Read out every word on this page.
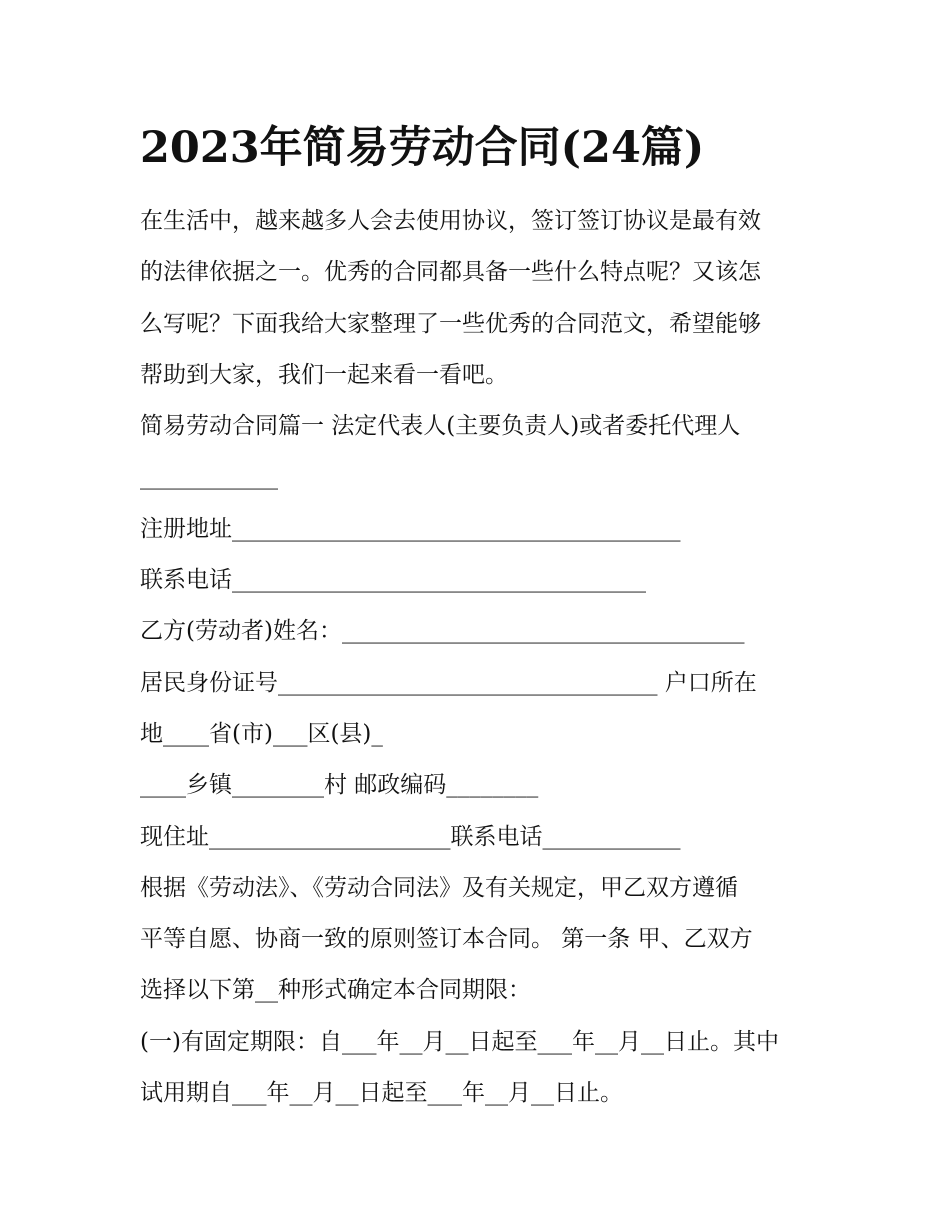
2023年简易劳动合同(24篇)
在生活中，越来越多人会去使用协议，签订签订协议是最有效
的法律依据之一。优秀的合同都具备一些什么特点呢？又该怎
么写呢？下面我给大家整理了一些优秀的合同范文，希望能够
帮助到大家，我们一起来看一看吧。
简易劳动合同篇一 法定代表人(主要负责人)或者委托代理人
____________
注册地址_______________________________________
联系电话____________________________________
乙方(劳动者)姓名：___________________________________
居民身份证号_________________________________ 户口所在
地____省(市)___区(县)_
____乡镇________村 邮政编码________
现住址_____________________联系电话____________
根据《劳动法》、《劳动合同法》及有关规定，甲乙双方遵循
平等自愿、协商一致的原则签订本合同。 第一条 甲、乙双方
选择以下第__种形式确定本合同期限：
(一)有固定期限：自___年__月__日起至___年__月__日止。其中
试用期自___年__月__日起至___年__月__日止。
